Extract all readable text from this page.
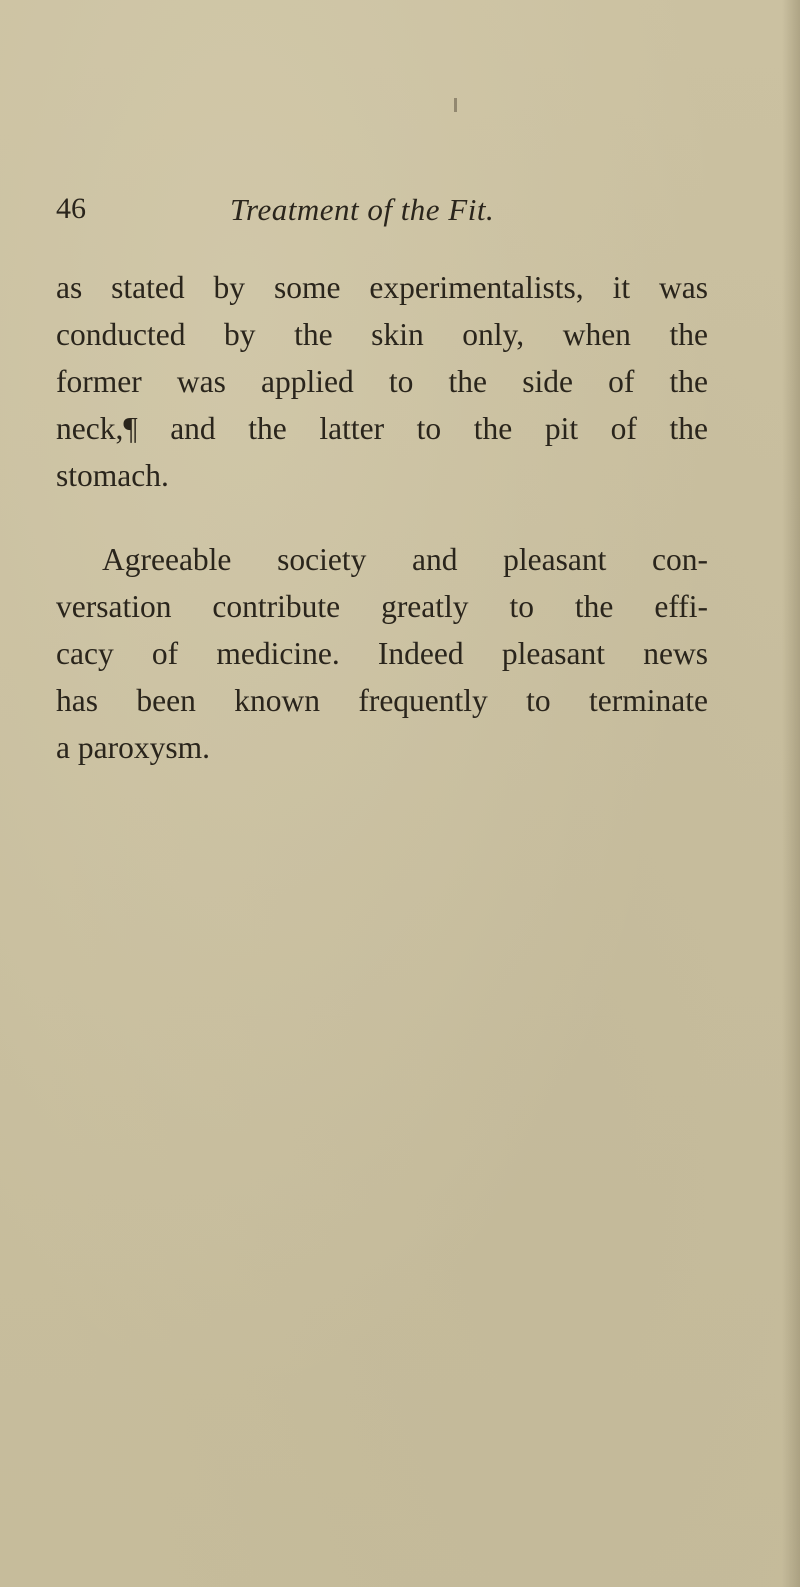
46	Treatment of the Fit.
as stated by some experimentalists, it was
conducted by the skin only, when the
former was applied to the side of the
neck,¶ and the latter to the pit of the
stomach.
Agreeable society and pleasant con-
versation contribute greatly to the effi-
cacy of medicine. Indeed pleasant news
has been known frequently to terminate
a paroxysm.
